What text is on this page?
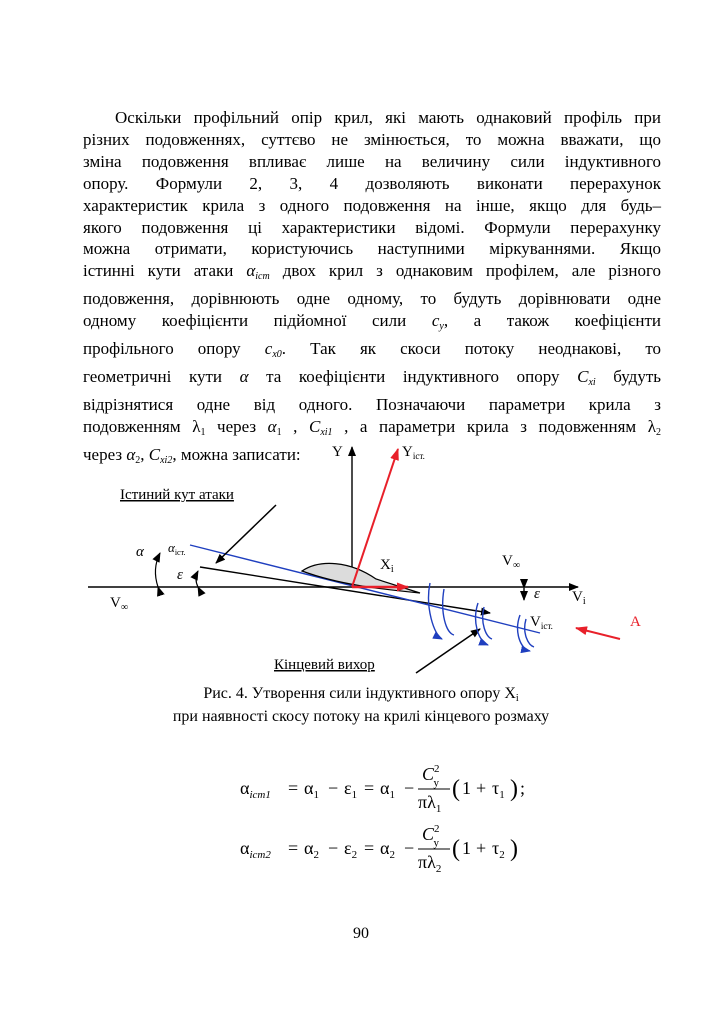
Оскільки профільний опір крил, які мають однаковий профіль при
різних подовженнях, суттєво не змінюється, то можна вважати, що
зміна подовження впливає лише на величину сили індуктивного
опору. Формули 2, 3, 4 дозволяють виконати перерахунок
характеристик крила з одного подовження на інше, якщо для будь–
якого подовження ці характеристики відомі. Формули перерахунку
можна отримати, користуючись наступними міркуваннями. Якщо
істинні кути атаки αіст двох крил з однаковим профілем, але різного
подовження, дорівнюють одне одному, то будуть дорівнювати одне
одному коефіцієнти підйомної сили cy, а також коефіцієнти
профільного опору cx0. Так як скоси потоку неоднакові, то
геометричні кути α та коефіцієнти індуктивного опору Cxі будуть
відрізнятися одне від одного. Позначаючи параметри крила з
подовженням $\lambda_1$ через $\alpha_1$ , Cxі1 , а параметри крила з подовженням $\lambda_2$
через $\alpha_2$, Cxі2, можна записати:	Y	$Y_{іст.}$
Істиний кут атаки
α $\alpha_{іст.}$
ε
$X_i$
$V_\infty$
$V_\infty$
ε $V_i$
$V_{іст.}$	A
Кінцевий вихор
Рис. 4. Утворення сили індуктивного опору $X_i$
при наявності скосу потоку на крилі кінцевого розмаху
$\alpha_{іст1} = \alpha_1 - \varepsilon_1 = \alpha_1$ −
$C^2$ y
$\pi\lambda_1$
( $1 + \tau_1$ ) ;
$\alpha_{іст2} = \alpha_2 - \varepsilon_2 = \alpha_2$ −
$C^2$ y
$\pi\lambda_2$
( $1 + \tau_2$ )
90
